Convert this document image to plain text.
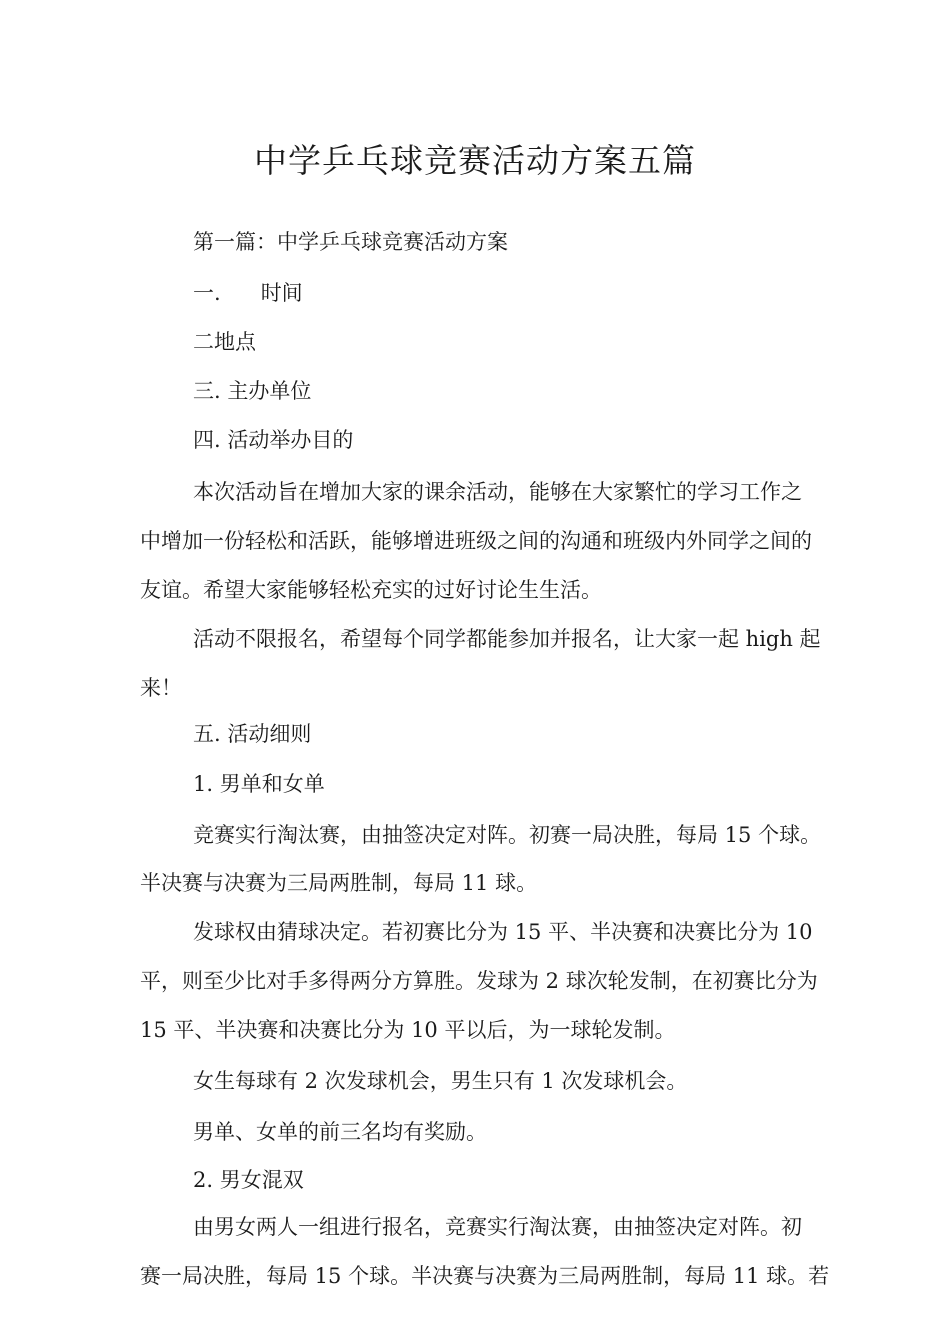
中学乒乓球竞赛活动方案五篇
第一篇：中学乒乓球竞赛活动方案
一. 时间
二地点
三. 主办单位
四. 活动举办目的
本次活动旨在增加大家的课余活动，能够在大家繁忙的学习工作之
中增加一份轻松和活跃，能够增进班级之间的沟通和班级内外同学之间的
友谊。希望大家能够轻松充实的过好讨论生生活。
活动不限报名，希望每个同学都能参加并报名，让大家一起 high 起
来！
五. 活动细则
1. 男单和女单
竞赛实行淘汰赛，由抽签决定对阵。初赛一局决胜，每局 15 个球。
半决赛与决赛为三局两胜制，每局 11 球。
发球权由猜球决定。若初赛比分为 15 平、半决赛和决赛比分为 10
平，则至少比对手多得两分方算胜。发球为 2 球次轮发制，在初赛比分为
15 平、半决赛和决赛比分为 10 平以后，为一球轮发制。
女生每球有 2 次发球机会，男生只有 1 次发球机会。
男单、女单的前三名均有奖励。
2. 男女混双
由男女两人一组进行报名，竞赛实行淘汰赛，由抽签决定对阵。初
赛一局决胜，每局 15 个球。半决赛与决赛为三局两胜制，每局 11 球。若
